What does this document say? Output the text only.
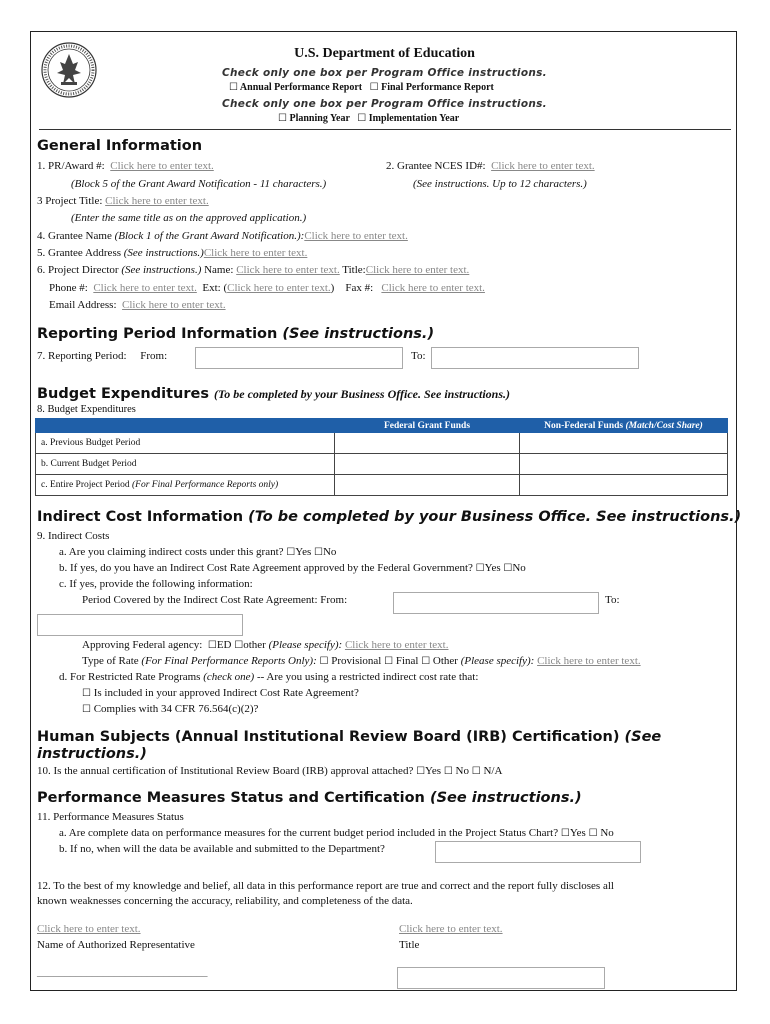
U.S. Department of Education
Check only one box per Program Office instructions.
☐ Annual Performance Report ☐ Final Performance Report
Check only one box per Program Office instructions.
☐ Planning Year ☐ Implementation Year
General Information
1. PR/Award #: Click here to enter text.	2. Grantee NCES ID#: Click here to enter text.
(Block 5 of the Grant Award Notification - 11 characters.)	(See instructions. Up to 12 characters.)
3 Project Title: Click here to enter text.
(Enter the same title as on the approved application.)
4. Grantee Name (Block 1 of the Grant Award Notification.):Click here to enter text.
5. Grantee Address (See instructions.)Click here to enter text.
6. Project Director (See instructions.) Name: Click here to enter text. Title:Click here to enter text.
Phone #: Click here to enter text. Ext: (Click here to enter text.) Fax #: Click here to enter text.
Email Address: Click here to enter text.
Reporting Period Information (See instructions.)
7. Reporting Period: From:	To:
Budget Expenditures (To be completed by your Business Office. See instructions.)
8. Budget Expenditures
	Federal Grant Funds	Non-Federal Funds (Match/Cost Share)
a. Previous Budget Period		
b. Current Budget Period		
c. Entire Project Period (For Final Performance Reports only)		
Indirect Cost Information (To be completed by your Business Office. See instructions.)
9. Indirect Costs
a. Are you claiming indirect costs under this grant? ☐Yes ☐No
b. If yes, do you have an Indirect Cost Rate Agreement approved by the Federal Government? ☐Yes ☐No
c. If yes, provide the following information:
Period Covered by the Indirect Cost Rate Agreement: From:	To:
Approving Federal agency: ☐ED ☐other (Please specify): Click here to enter text.
Type of Rate (For Final Performance Reports Only): ☐ Provisional ☐ Final ☐ Other (Please specify): Click here to enter text.
d. For Restricted Rate Programs (check one) -- Are you using a restricted indirect cost rate that:
☐ Is included in your approved Indirect Cost Rate Agreement?
☐ Complies with 34 CFR 76.564(c)(2)?
Human Subjects (Annual Institutional Review Board (IRB) Certification) (See
instructions.)
10. Is the annual certification of Institutional Review Board (IRB) approval attached? ☐Yes ☐ No ☐ N/A
Performance Measures Status and Certification (See instructions.)
11. Performance Measures Status
a. Are complete data on performance measures for the current budget period included in the Project Status Chart? ☐Yes ☐ No
b. If no, when will the data be available and submitted to the Department?
12. To the best of my knowledge and belief, all data in this performance report are true and correct and the report fully discloses all
known weaknesses concerning the accuracy, reliability, and completeness of the data.
Click here to enter text.	Click here to enter text.
Name of Authorized Representative	Title
_______________________________
